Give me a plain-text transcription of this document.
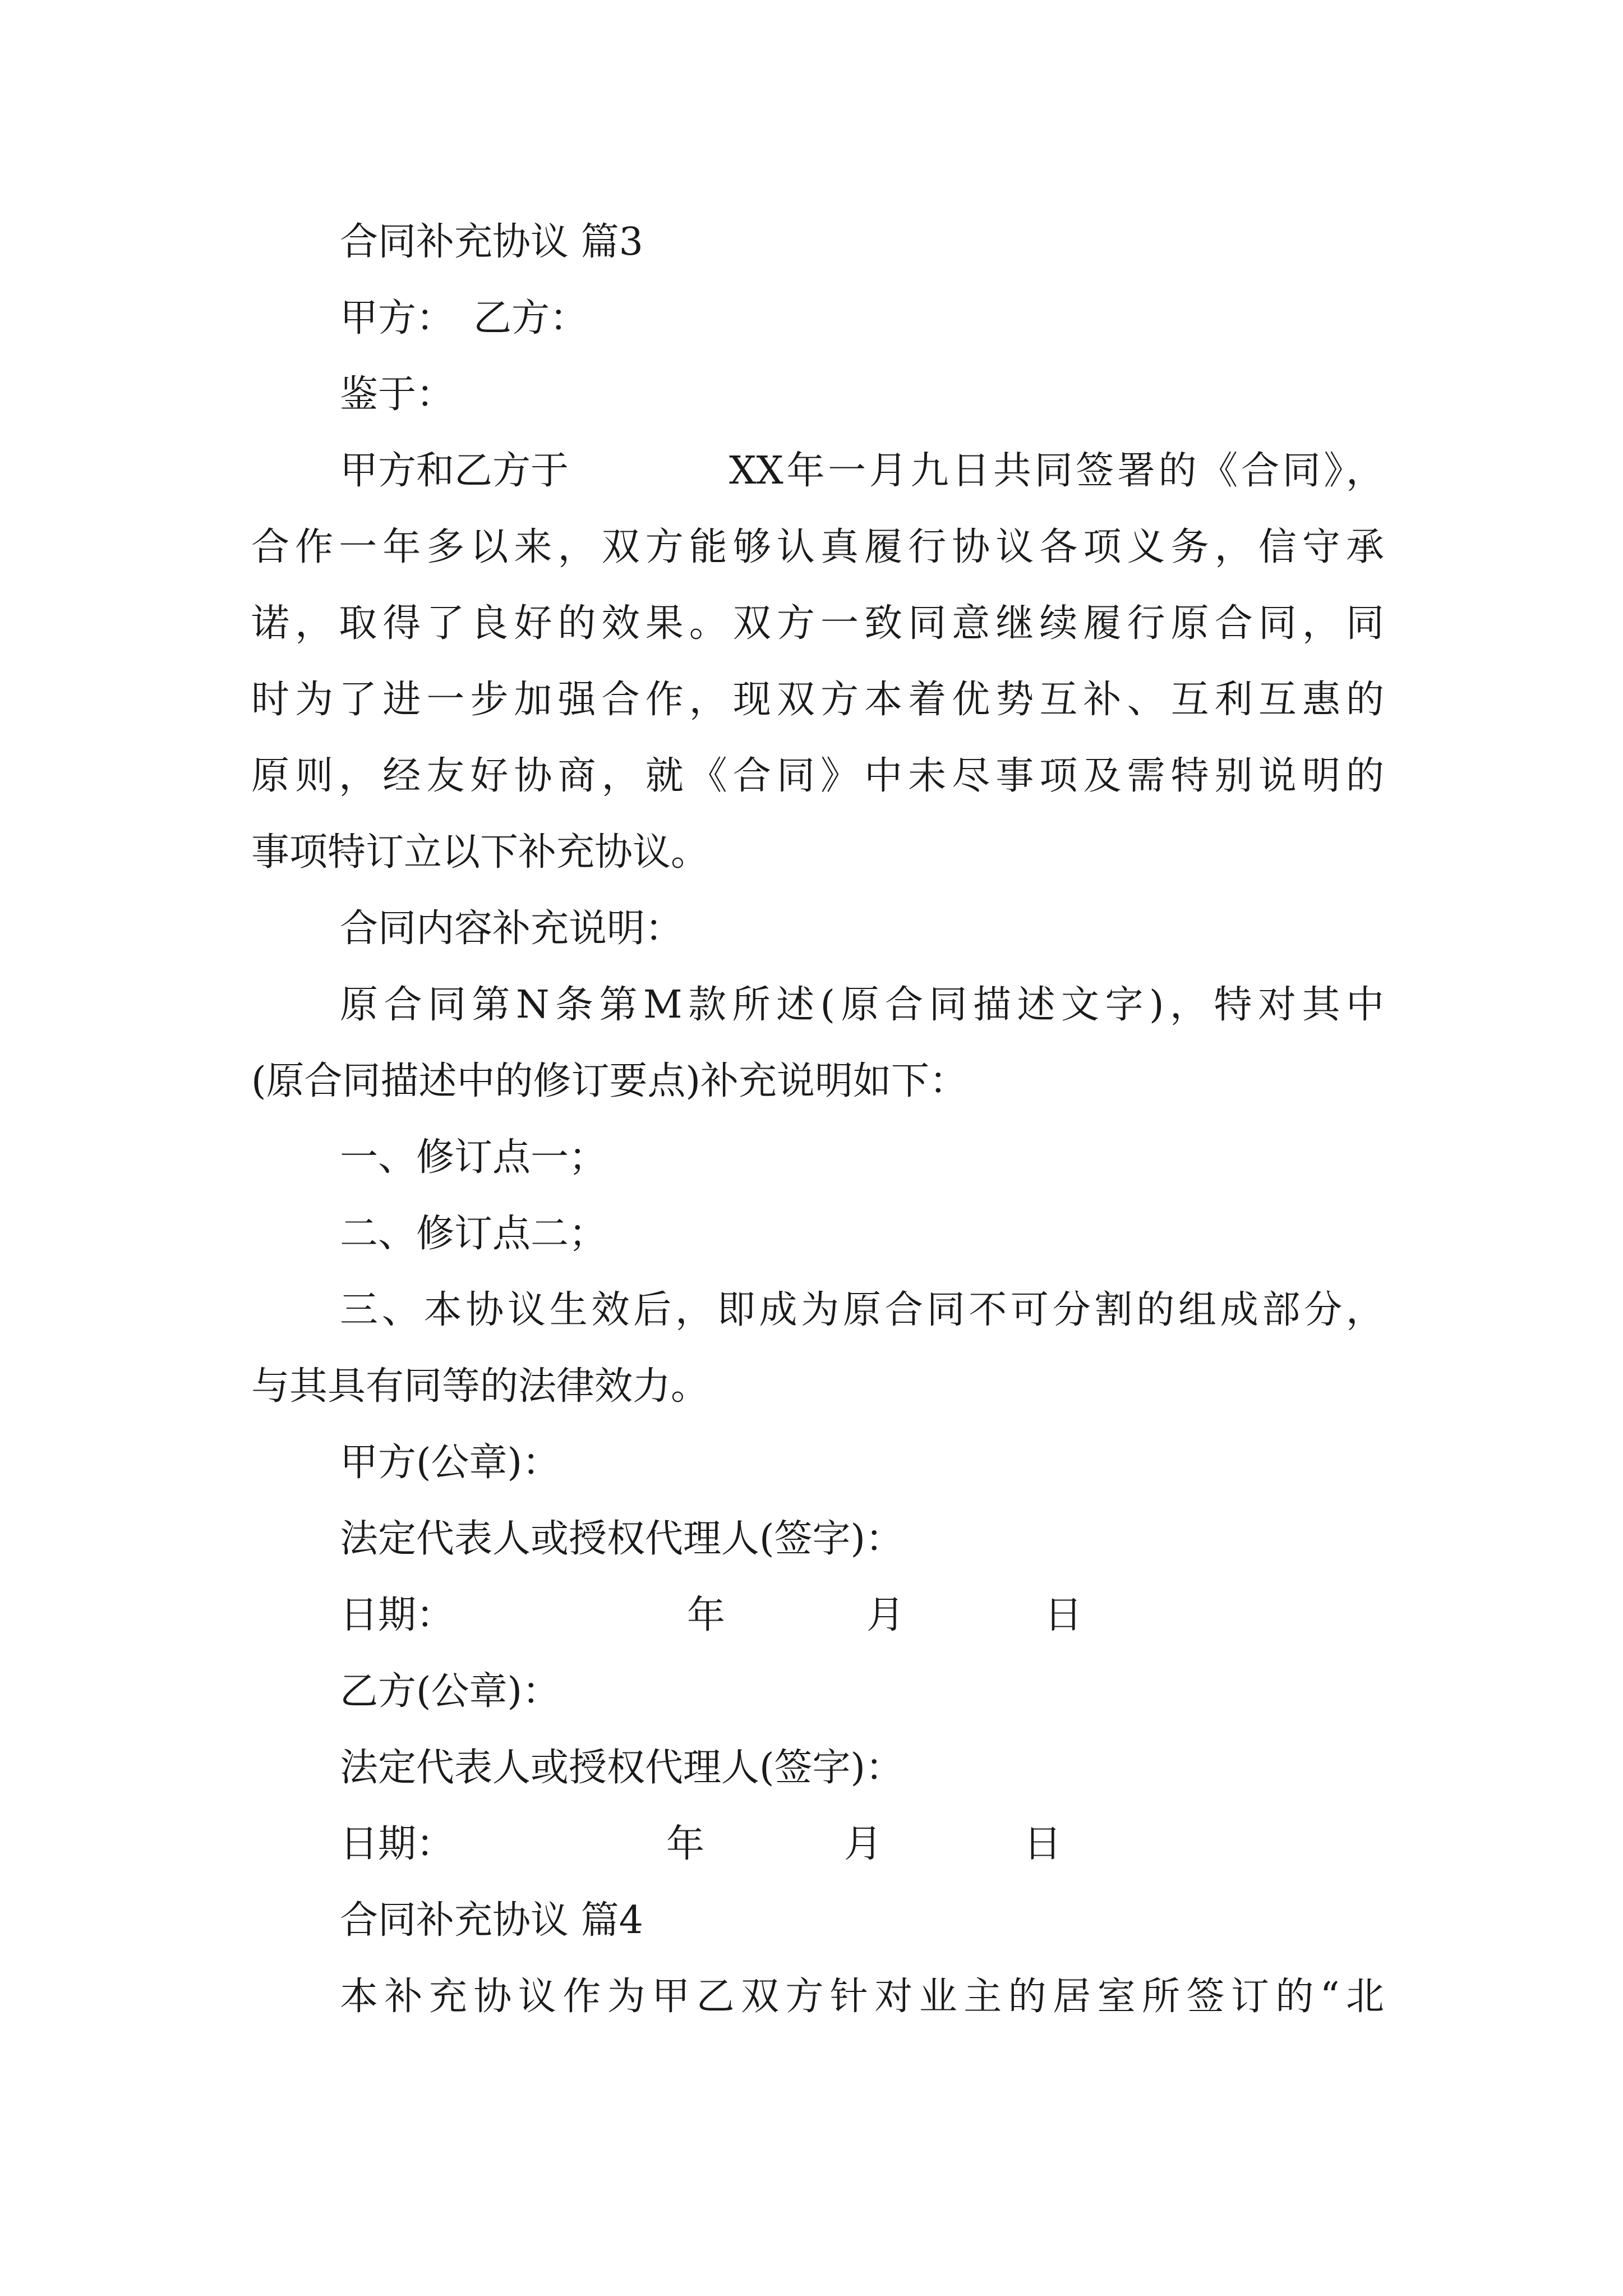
合同补充协议 篇3
甲方：　乙方：
鉴于：
甲方和乙方于	XX年一月九日共同签署的《合同》，
合作一年多以来，双方能够认真履行协议各项义务，信守承
诺，取得了良好的效果。双方一致同意继续履行原合同，同
时为了进一步加强合作，现双方本着优势互补、互利互惠的
原则，经友好协商，就《合同》中未尽事项及需特别说明的
事项特订立以下补充协议。
合同内容补充说明：
原合同第N条第M款所述(原合同描述文字)，特对其中
(原合同描述中的修订要点)补充说明如下：
一、修订点一；
二、修订点二；
三、本协议生效后，即成为原合同不可分割的组成部分，
与其具有同等的法律效力。
甲方(公章)：
法定代表人或授权代理人(签字)：
日期：	年	月	日
乙方(公章)：
法定代表人或授权代理人(签字)：
日期：	年	月	日
合同补充协议 篇4
本补充协议作为甲乙双方针对业主的居室所签订的“北
